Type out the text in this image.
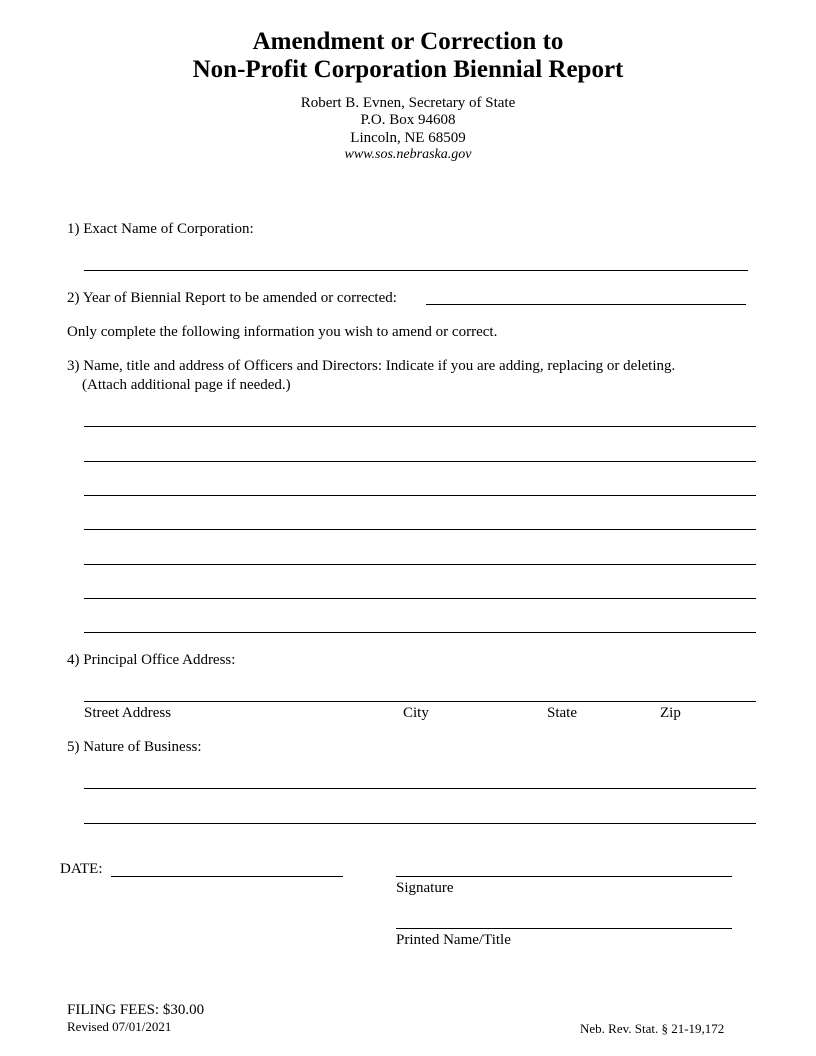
Amendment or Correction to
Non-Profit Corporation Biennial Report
Robert B. Evnen, Secretary of State
P.O. Box 94608
Lincoln, NE 68509
www.sos.nebraska.gov
1) Exact Name of Corporation:
2) Year of Biennial Report to be amended or corrected:
Only complete the following information you wish to amend or correct.
3) Name, title and address of Officers and Directors: Indicate if you are adding, replacing or deleting.
(Attach additional page if needed.)
4) Principal Office Address:
Street Address	City	State	Zip
5) Nature of Business:
DATE:
Signature
Printed Name/Title
FILING FEES: $30.00
Revised 07/01/2021	Neb. Rev. Stat. § 21-19,172
